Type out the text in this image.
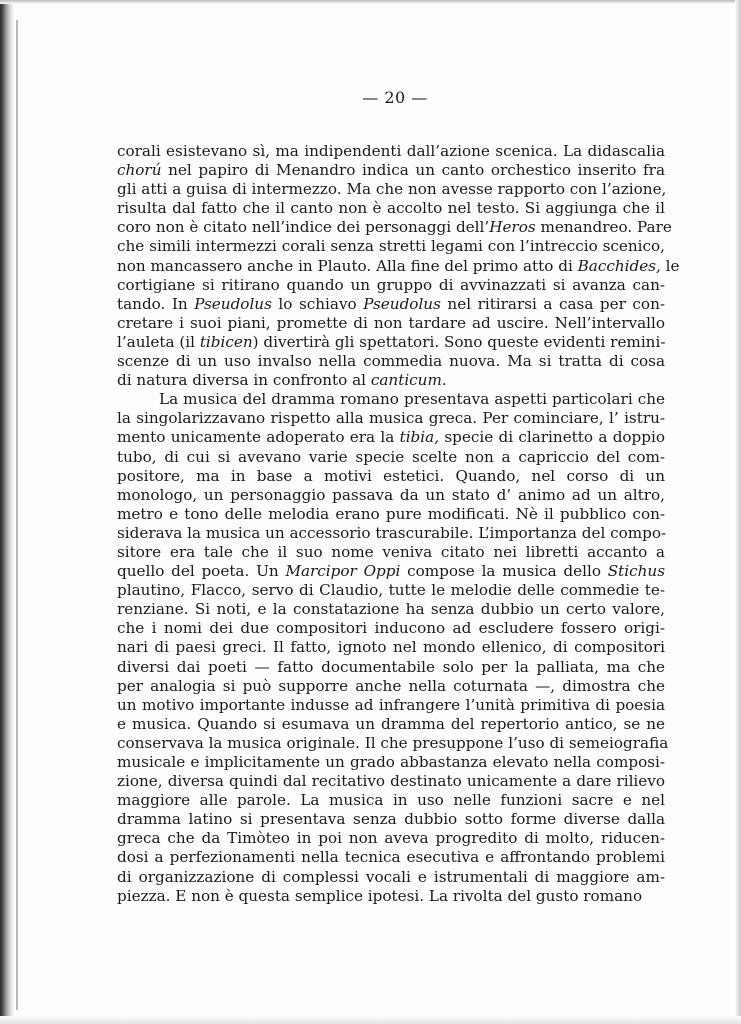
— 20 —
corali esistevano sì, ma indipendenti dall’azione scenica. La didascalia
chorú nel papiro di Menandro indica un canto orchestico inserito fra
gli atti a guisa di intermezzo. Ma che non avesse rapporto con l’azione,
risulta dal fatto che il canto non è accolto nel testo. Si aggiunga che il
coro non è citato nell’indice dei personaggi dell’Heros menandreo. Pare
che simili intermezzi corali senza stretti legami con l’intreccio scenico,
non mancassero anche in Plauto. Alla fine del primo atto di Bacchides, le
cortigiane si ritirano quando un gruppo di avvinazzati si avanza can-
tando. In Pseudolus lo schiavo Pseudolus nel ritirarsi a casa per con-
cretare i suoi piani, promette di non tardare ad uscire. Nell’intervallo
l’auleta (il tibicen) divertirà gli spettatori. Sono queste evidenti remini-
scenze di un uso invalso nella commedia nuova. Ma si tratta di cosa
di natura diversa in confronto al canticum.
La musica del dramma romano presentava aspetti particolari che
la singolarizzavano rispetto alla musica greca. Per cominciare, l’ istru-
mento unicamente adoperato era la tibia, specie di clarinetto a doppio
tubo, di cui si avevano varie specie scelte non a capriccio del com-
positore, ma in base a motivi estetici. Quando, nel corso di un
monologo, un personaggio passava da un stato d’ animo ad un altro,
metro e tono delle melodia erano pure modificati. Nè il pubblico con-
siderava la musica un accessorio trascurabile. L’importanza del compo-
sitore era tale che il suo nome veniva citato nei libretti accanto a
quello del poeta. Un Marcipor Oppi compose la musica dello Stichus
plautino, Flacco, servo di Claudio, tutte le melodie delle commedie te-
renziane. Si noti, e la constatazione ha senza dubbio un certo valore,
che i nomi dei due compositori inducono ad escludere fossero origi-
nari di paesi greci. Il fatto, ignoto nel mondo ellenico, di compositori
diversi dai poeti — fatto documentabile solo per la palliata, ma che
per analogia si può supporre anche nella coturnata —, dimostra che
un motivo importante indusse ad infrangere l’unità primitiva di poesia
e musica. Quando si esumava un dramma del repertorio antico, se ne
conservava la musica originale. Il che presuppone l’uso di semeiografia
musicale e implicitamente un grado abbastanza elevato nella composi-
zione, diversa quindi dal recitativo destinato unicamente a dare rilievo
maggiore alle parole. La musica in uso nelle funzioni sacre e nel
dramma latino si presentava senza dubbio sotto forme diverse dalla
greca che da Timòteo in poi non aveva progredito di molto, riducen-
dosi a perfezionamenti nella tecnica esecutiva e affrontando problemi
di organizzazione di complessi vocali e istrumentali di maggiore am-
piezza. E non è questa semplice ipotesi. La rivolta del gusto romano
